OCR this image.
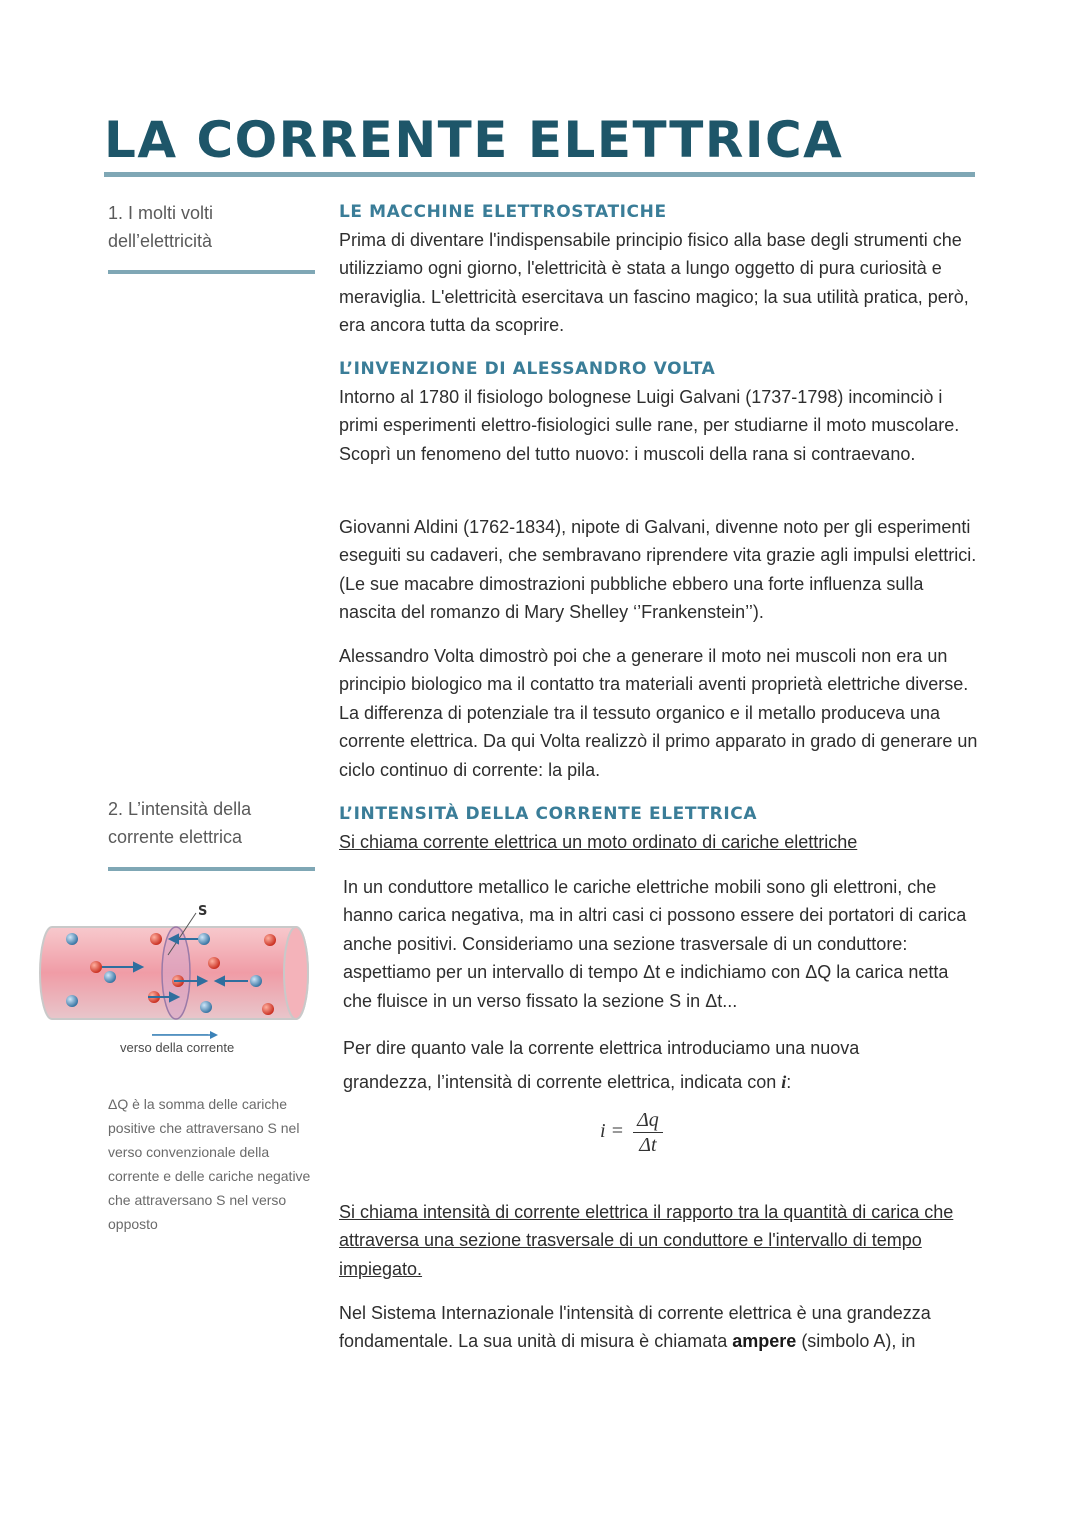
LA CORRENTE ELETTRICA
1. I molti volti dell’elettricità
2. L’intensità della corrente elettrica
S
verso della corrente
ΔQ è la somma delle cariche positive che attraversano S nel verso convenzionale della corrente e delle cariche negative che attraversano S nel verso opposto
LE MACCHINE ELETTROSTATICHE

Prima di diventare l'indispensabile principio fisico alla base degli strumenti che utilizziamo ogni giorno, l'elettricità è stata a lungo oggetto di pura curiosità e meraviglia. L'elettricità esercitava un fascino magico; la sua utilità pratica, però, era ancora tutta da scoprire.

L’INVENZIONE DI ALESSANDRO VOLTA

Intorno al 1780 il fisiologo bolognese Luigi Galvani (1737-1798) incominciò i primi esperimenti elettro-fisiologici sulle rane, per studiarne il moto muscolare. Scoprì un fenomeno del tutto nuovo: i muscoli della rana si contraevano.

Giovanni Aldini (1762-1834), nipote di Galvani, divenne noto per gli esperimenti eseguiti su cadaveri, che sembravano riprendere vita grazie agli impulsi elettrici. (Le sue macabre dimostrazioni pubbliche ebbero una forte influenza sulla nascita del romanzo di Mary Shelley ‘’Frankenstein’’).

Alessandro Volta dimostrò poi che a generare il moto nei muscoli non era un principio biologico ma il contatto tra materiali aventi proprietà elettriche diverse. La differenza di potenziale tra il tessuto organico e il metallo produceva una corrente elettrica. Da qui Volta realizzò il primo apparato in grado di generare un ciclo continuo di corrente: la pila.

L’INTENSITÀ DELLA CORRENTE ELETTRICA

Si chiama corrente elettrica un moto ordinato di cariche elettriche

In un conduttore metallico le cariche elettriche mobili sono gli elettroni, che hanno carica negativa, ma in altri casi ci possono essere dei portatori di carica anche positivi. Consideriamo una sezione trasversale di un conduttore: aspettiamo per un intervallo di tempo Δt e indichiamo con ΔQ la carica netta che fluisce in un verso fissato la sezione S in Δt...

Per dire quanto vale la corrente elettrica introduciamo una nuova grandezza, l’intensità di corrente elettrica, indicata con i:

$i = \frac{\Delta q}{\Delta t}$

Si chiama intensità di corrente elettrica il rapporto tra la quantità di carica che attraversa una sezione trasversale di un conduttore e l'intervallo di tempo impiegato.

Nel Sistema Internazionale l'intensità di corrente elettrica è una grandezza fondamentale. La sua unità di misura è chiamata ampere (simbolo A), in
